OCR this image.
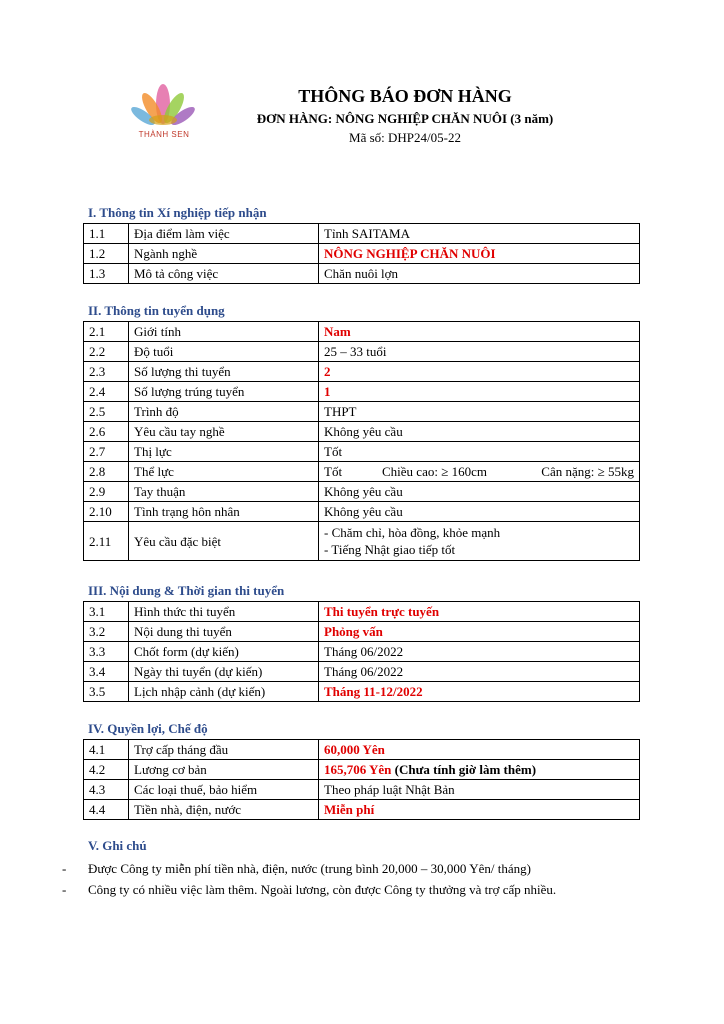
THÀNH SEN
THÔNG BÁO ĐƠN HÀNG
ĐƠN HÀNG: NÔNG NGHIỆP CHĂN NUÔI (3 năm)
Mã số: DHP24/05-22
I. Thông tin Xí nghiệp tiếp nhận
1.1	Địa điểm làm việc	Tỉnh SAITAMA
1.2	Ngành nghề	NÔNG NGHIỆP CHĂN NUÔI
1.3	Mô tả công việc	Chăn nuôi lợn
II. Thông tin tuyển dụng
2.1	Giới tính	Nam
2.2	Độ tuổi	25 – 33 tuổi
2.3	Số lượng thi tuyển	2
2.4	Số lượng trúng tuyển	1
2.5	Trình độ	THPT
2.6	Yêu cầu tay nghề	Không yêu cầu
2.7	Thị lực	Tốt
2.8	Thể lực	Tốt Chiều cao: ≥ 160cm Cân nặng: ≥ 55kg

2.9	Tay thuận	Không yêu cầu
2.10	Tình trạng hôn nhân	Không yêu cầu
2.11	Yêu cầu đặc biệt	- Chăm chỉ, hòa đồng, khỏe mạnh
- Tiếng Nhật giao tiếp tốt
III. Nội dung & Thời gian thi tuyển
3.1	Hình thức thi tuyển	Thi tuyển trực tuyến
3.2	Nội dung thi tuyển	Phỏng vấn
3.3	Chốt form (dự kiến)	Tháng 06/2022
3.4	Ngày thi tuyển (dự kiến)	Tháng 06/2022
3.5	Lịch nhập cảnh (dự kiến)	Tháng 11-12/2022
IV. Quyền lợi, Chế độ
4.1	Trợ cấp tháng đầu	60,000 Yên
4.2	Lương cơ bản	165,706 Yên (Chưa tính giờ làm thêm)
4.3	Các loại thuế, bảo hiểm	Theo pháp luật Nhật Bản
4.4	Tiền nhà, điện, nước	Miễn phí
V. Ghi chú
-	Được Công ty miễn phí tiền nhà, điện, nước (trung bình 20,000 – 30,000 Yên/ tháng)
-	Công ty có nhiều việc làm thêm. Ngoài lương, còn được Công ty thưởng và trợ cấp nhiều.
